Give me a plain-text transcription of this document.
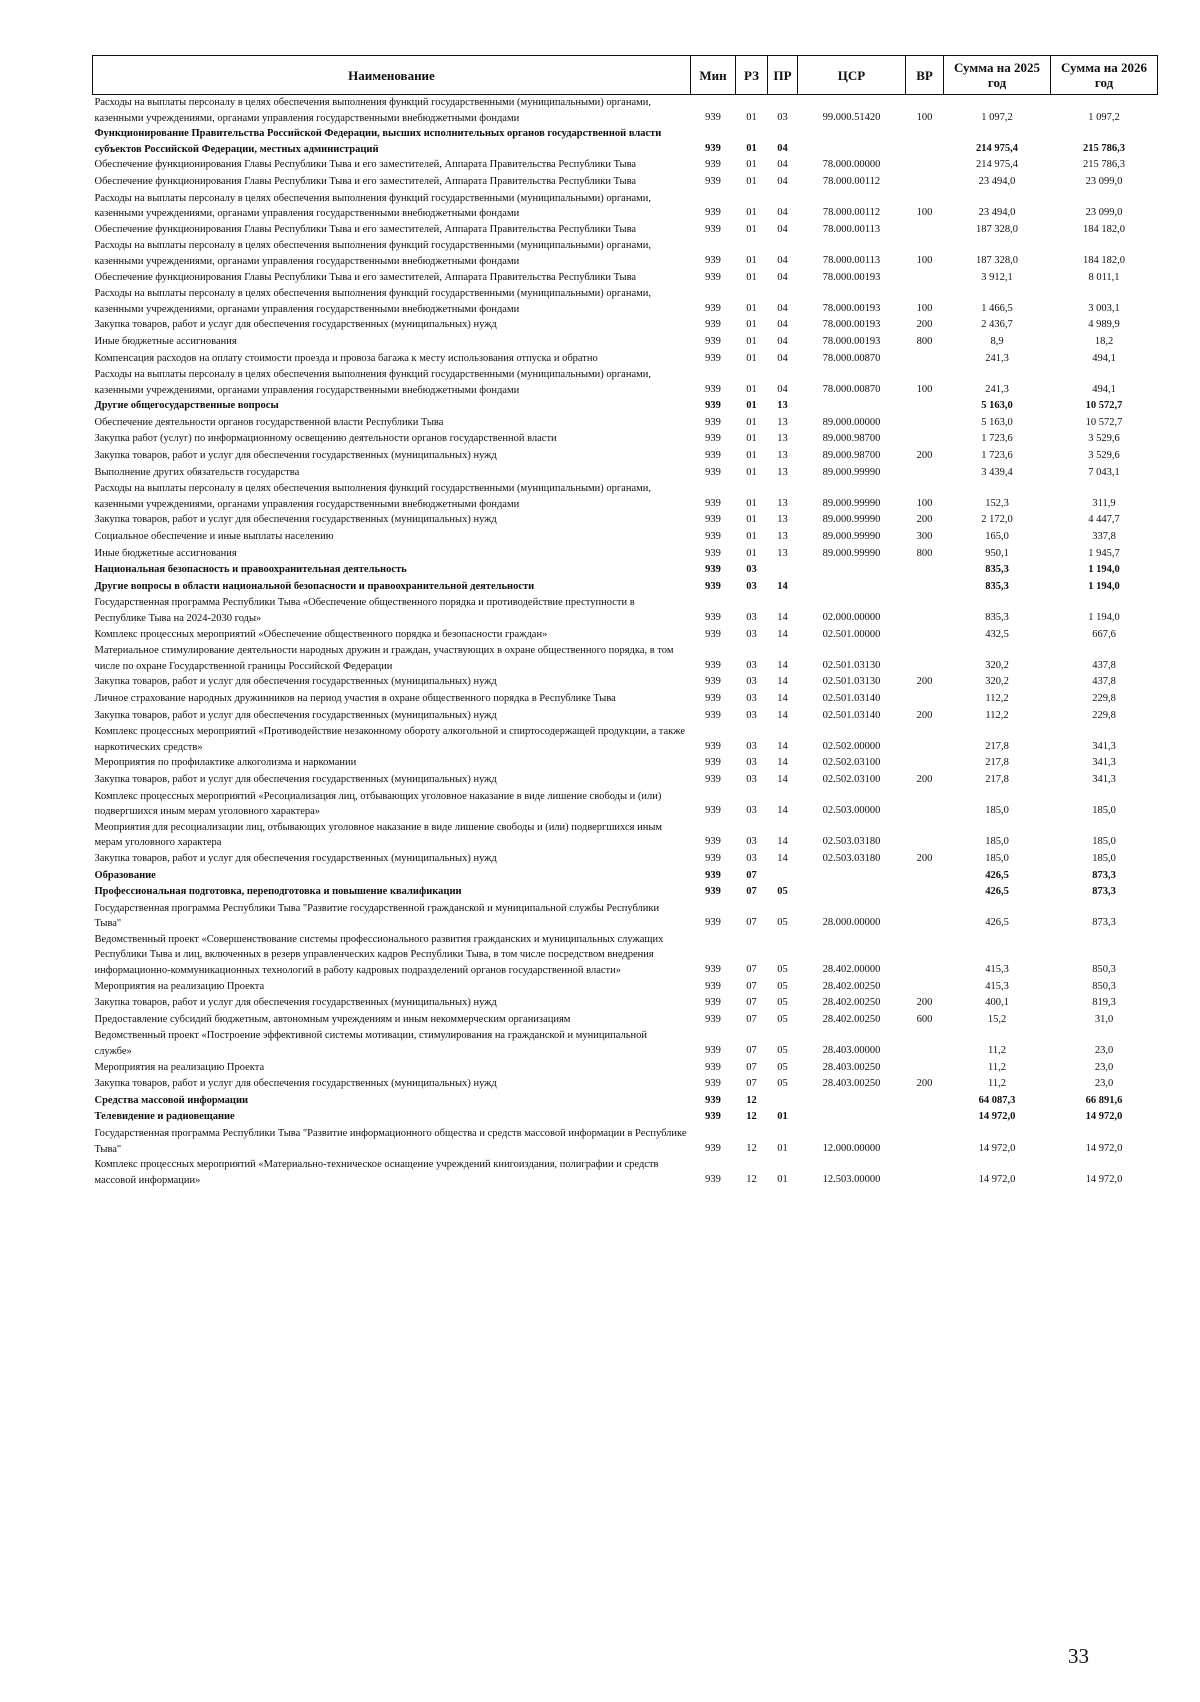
Наименование	Мин	РЗ	ПР	ЦСР	ВР	Сумма на 2025 год	Сумма на 2026 год
Расходы на выплаты персоналу в целях обеспечения выполнения функций государственными (муниципальными) органами, казенными учреждениями, органами управления государственными внебюджетными фондами	939	01	03	99.000.51420	100	1 097,2	1 097,2
Функционирование Правительства Российской Федерации, высших исполнительных органов государственной власти субъектов Российской Федерации, местных администраций	939	01	04			214 975,4	215 786,3
Обеспечение функционирования Главы Республики Тыва и его заместителей, Аппарата Правительства Республики Тыва	939	01	04	78.000.00000		214 975,4	215 786,3
Обеспечение функционирования Главы Республики Тыва и его заместителей, Аппарата Правительства Республики Тыва	939	01	04	78.000.00112		23 494,0	23 099,0
Расходы на выплаты персоналу в целях обеспечения выполнения функций государственными (муниципальными) органами, казенными учреждениями, органами управления государственными внебюджетными фондами	939	01	04	78.000.00112	100	23 494,0	23 099,0
Обеспечение функционирования Главы Республики Тыва и его заместителей, Аппарата Правительства Республики Тыва	939	01	04	78.000.00113		187 328,0	184 182,0
Расходы на выплаты персоналу в целях обеспечения выполнения функций государственными (муниципальными) органами, казенными учреждениями, органами управления государственными внебюджетными фондами	939	01	04	78.000.00113	100	187 328,0	184 182,0
Обеспечение функционирования Главы Республики Тыва и его заместителей, Аппарата Правительства Республики Тыва	939	01	04	78.000.00193		3 912,1	8 011,1
Расходы на выплаты персоналу в целях обеспечения выполнения функций государственными (муниципальными) органами, казенными учреждениями, органами управления государственными внебюджетными фондами	939	01	04	78.000.00193	100	1 466,5	3 003,1
Закупка товаров, работ и услуг для обеспечения государственных (муниципальных) нужд	939	01	04	78.000.00193	200	2 436,7	4 989,9
Иные бюджетные ассигнования	939	01	04	78.000.00193	800	8,9	18,2
Компенсация расходов на оплату стоимости проезда и провоза багажа к месту использования отпуска и обратно	939	01	04	78.000.00870		241,3	494,1
Расходы на выплаты персоналу в целях обеспечения выполнения функций государственными (муниципальными) органами, казенными учреждениями, органами управления государственными внебюджетными фондами	939	01	04	78.000.00870	100	241,3	494,1
Другие общегосударственные вопросы	939	01	13			5 163,0	10 572,7
Обеспечение деятельности органов государственной власти Республики Тыва	939	01	13	89.000.00000		5 163,0	10 572,7
Закупка работ (услуг) по информационному освещению деятельности органов государственной власти	939	01	13	89.000.98700		1 723,6	3 529,6
Закупка товаров, работ и услуг для обеспечения государственных (муниципальных) нужд	939	01	13	89.000.98700	200	1 723,6	3 529,6
Выполнение других обязательств государства	939	01	13	89.000.99990		3 439,4	7 043,1
Расходы на выплаты персоналу в целях обеспечения выполнения функций государственными (муниципальными) органами, казенными учреждениями, органами управления государственными внебюджетными фондами	939	01	13	89.000.99990	100	152,3	311,9
Закупка товаров, работ и услуг для обеспечения государственных (муниципальных) нужд	939	01	13	89.000.99990	200	2 172,0	4 447,7
Социальное обеспечение и иные выплаты населению	939	01	13	89.000.99990	300	165,0	337,8
Иные бюджетные ассигнования	939	01	13	89.000.99990	800	950,1	1 945,7
Национальная безопасность и правоохранительная деятельность	939	03				835,3	1 194,0
Другие вопросы в области национальной безопасности и правоохранительной деятельности	939	03	14			835,3	1 194,0
Государственная программа Республики Тыва «Обеспечение общественного порядка и противодействие преступности в Республике Тыва на 2024-2030 годы»	939	03	14	02.000.00000		835,3	1 194,0
Комплекс процессных мероприятий «Обеспечение общественного порядка и безопасности граждан»	939	03	14	02.501.00000		432,5	667,6
Материальное стимулирование деятельности народных дружин и граждан, участвующих в охране общественного порядка, в том числе по охране Государственной границы Российской Федерации	939	03	14	02.501.03130		320,2	437,8
Закупка товаров, работ и услуг для обеспечения государственных (муниципальных) нужд	939	03	14	02.501.03130	200	320,2	437,8
Личное страхование народных дружинников на период участия в охране общественного порядка в Республике Тыва	939	03	14	02.501.03140		112,2	229,8
Закупка товаров, работ и услуг для обеспечения государственных (муниципальных) нужд	939	03	14	02.501.03140	200	112,2	229,8
Комплекс процессных мероприятий «Противодействие незаконному обороту алкогольной и спиртосодержащей продукции, а также наркотических средств»	939	03	14	02.502.00000		217,8	341,3
Мероприятия по профилактике алкоголизма и наркомании	939	03	14	02.502.03100		217,8	341,3
Закупка товаров, работ и услуг для обеспечения государственных (муниципальных) нужд	939	03	14	02.502.03100	200	217,8	341,3
Комплекс процессных мероприятий «Ресоциализация лиц, отбывающих уголовное наказание в виде лишение свободы и (или) подвергшихся иным мерам уголовного характера»	939	03	14	02.503.00000		185,0	185,0
Меоприятия для ресоциализации лиц, отбывающих уголовное наказание в виде лишение свободы и (или) подвергшихся иным мерам уголовного характера	939	03	14	02.503.03180		185,0	185,0
Закупка товаров, работ и услуг для обеспечения государственных (муниципальных) нужд	939	03	14	02.503.03180	200	185,0	185,0
Образование	939	07				426,5	873,3
Профессиональная подготовка, переподготовка и повышение квалификации	939	07	05			426,5	873,3
Государственная программа Республики Тыва "Развитие государственной гражданской и муниципальной службы Республики Тыва"	939	07	05	28.000.00000		426,5	873,3
Ведомственный проект «Совершенствование системы профессионального развития гражданских и муниципальных служащих Республики Тыва и лиц, включенных в резерв управленческих кадров Республики Тыва, в том числе посредством внедрения информационно-коммуникационных технологий в работу кадровых подразделений органов государственной власти»	939	07	05	28.402.00000		415,3	850,3
Мероприятия на реализацию Проекта	939	07	05	28.402.00250		415,3	850,3
Закупка товаров, работ и услуг для обеспечения государственных (муниципальных) нужд	939	07	05	28.402.00250	200	400,1	819,3
Предоставление субсидий бюджетным, автономным учреждениям и иным некоммерческим организациям	939	07	05	28.402.00250	600	15,2	31,0
Ведомственный проект «Построение эффективной системы мотивации, стимулирования на гражданской и муниципальной службе»	939	07	05	28.403.00000		11,2	23,0
Мероприятия на реализацию Проекта	939	07	05	28.403.00250		11,2	23,0
Закупка товаров, работ и услуг для обеспечения государственных (муниципальных) нужд	939	07	05	28.403.00250	200	11,2	23,0
Средства массовой информации	939	12				64 087,3	66 891,6
Телевидение и радиовещание	939	12	01			14 972,0	14 972,0
Государственная программа Республики Тыва "Развитие информационного общества и средств массовой информации в Республике Тыва"	939	12	01	12.000.00000		14 972,0	14 972,0
Комплекс процессных мероприятий «Материально-техническое оснащение учреждений книгоиздания, полиграфии и средств массовой информации»	939	12	01	12.503.00000		14 972,0	14 972,0
33
